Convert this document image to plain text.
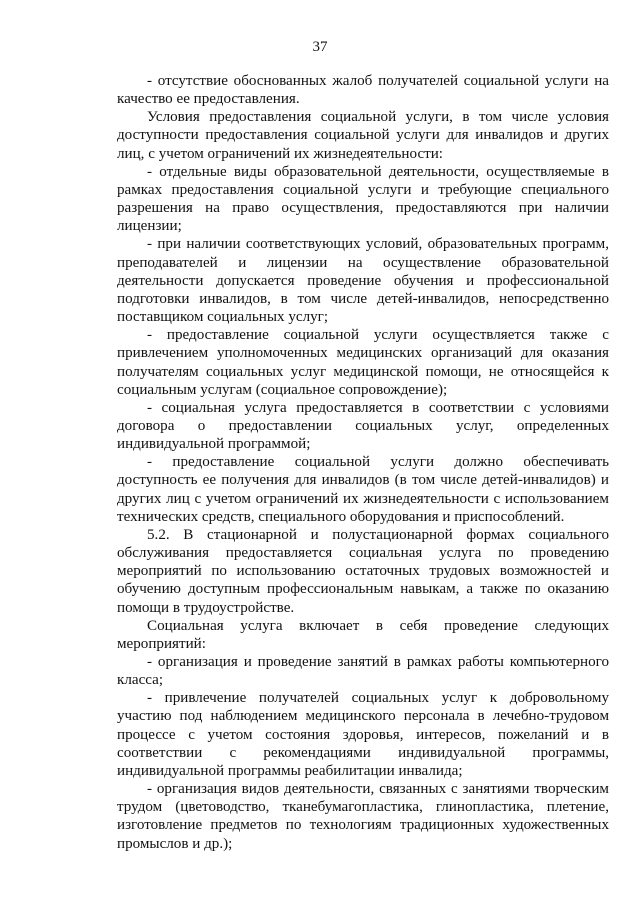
37

- отсутствие обоснованных жалоб получателей социальной услуги на качество ее предоставления.

Условия предоставления социальной услуги, в том числе условия доступности предоставления социальной услуги для инвалидов и других лиц, с учетом ограничений их жизнедеятельности:

- отдельные виды образовательной деятельности, осуществляемые в рамках предоставления социальной услуги и требующие специального разрешения на право осуществления, предоставляются при наличии лицензии;

- при наличии соответствующих условий, образовательных программ, преподавателей и лицензии на осуществление образовательной деятельности допускается проведение обучения и профессиональной подготовки инвалидов, в том числе детей-инвалидов, непосредственно поставщиком социальных услуг;

- предоставление социальной услуги осуществляется также с привлечением уполномоченных медицинских организаций для оказания получателям социальных услуг медицинской помощи, не относящейся к социальным услугам (социальное сопровождение);

- социальная услуга предоставляется в соответствии с условиями договора о предоставлении социальных услуг, определенных индивидуальной программой;

- предоставление социальной услуги должно обеспечивать доступность ее получения для инвалидов (в том числе детей-инвалидов) и других лиц с учетом ограничений их жизнедеятельности с использованием технических средств, специального оборудования и приспособлений.

5.2. В стационарной и полустационарной формах социального обслуживания предоставляется социальная услуга по проведению мероприятий по использованию остаточных трудовых возможностей и обучению доступным профессиональным навыкам, а также по оказанию помощи в трудоустройстве.

Социальная услуга включает в себя проведение следующих мероприятий:

- организация и проведение занятий в рамках работы компьютерного класса;

- привлечение получателей социальных услуг к добровольному участию под наблюдением медицинского персонала в лечебно-трудовом процессе с учетом состояния здоровья, интересов, пожеланий и в соответствии с рекомендациями индивидуальной программы, индивидуальной программы реабилитации инвалида;

- организация видов деятельности, связанных с занятиями творческим трудом (цветоводство, тканебумагопластика, глинопластика, плетение, изготовление предметов по технологиям традиционных художественных промыслов и др.);
